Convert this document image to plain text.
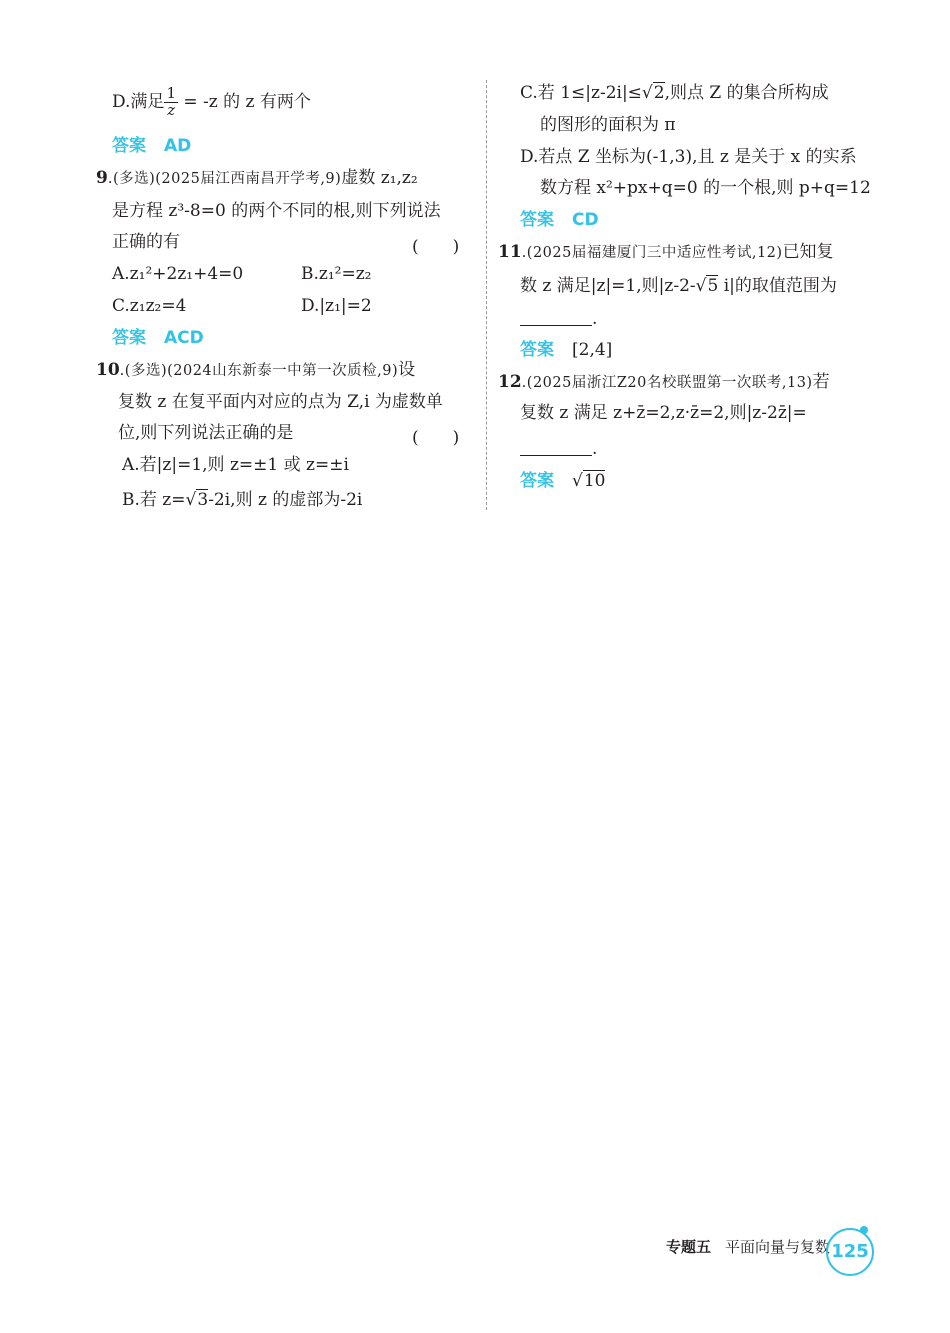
D.满足 $\frac{1}{z} = -z$ 的 z 有两个
答案 AD
9.(多选)(2025届江西南昌开学考,9)虚数 z₁,z₂
是方程 z³-8=0 的两个不同的根,则下列说法
正确的有	(　　)
A.z₁²+2z₁+4=0	B.z₁²=z₂
C.z₁z₂=4	D.|z₁|=2
答案 ACD
10.(多选)(2024山东新泰一中第一次质检,9)设
复数 z 在复平面内对应的点为 Z,i 为虚数单
位,则下列说法正确的是	(　　)
A.若|z|=1,则 z=±1 或 z=±i
B.若 z=√3-2i,则 z 的虚部为-2i
C.若 1≤|z-2i|≤√2,则点 Z 的集合所构成
的图形的面积为 π
D.若点 Z 坐标为(-1,3),且 z 是关于 x 的实系
数方程 x²+px+q=0 的一个根,则 p+q=12
答案 CD
11.(2025届福建厦门三中适应性考试,12)已知复
数 z 满足|z|=1,则|z-2-√5 i|的取值范围为
.
答案 [2,4]
12.(2025届浙江Z20名校联盟第一次联考,13)若
复数 z 满足 z+z̄=2,z·z̄=2,则|z-2z̄|=
.
答案 √10
专题五 平面向量与复数 125
